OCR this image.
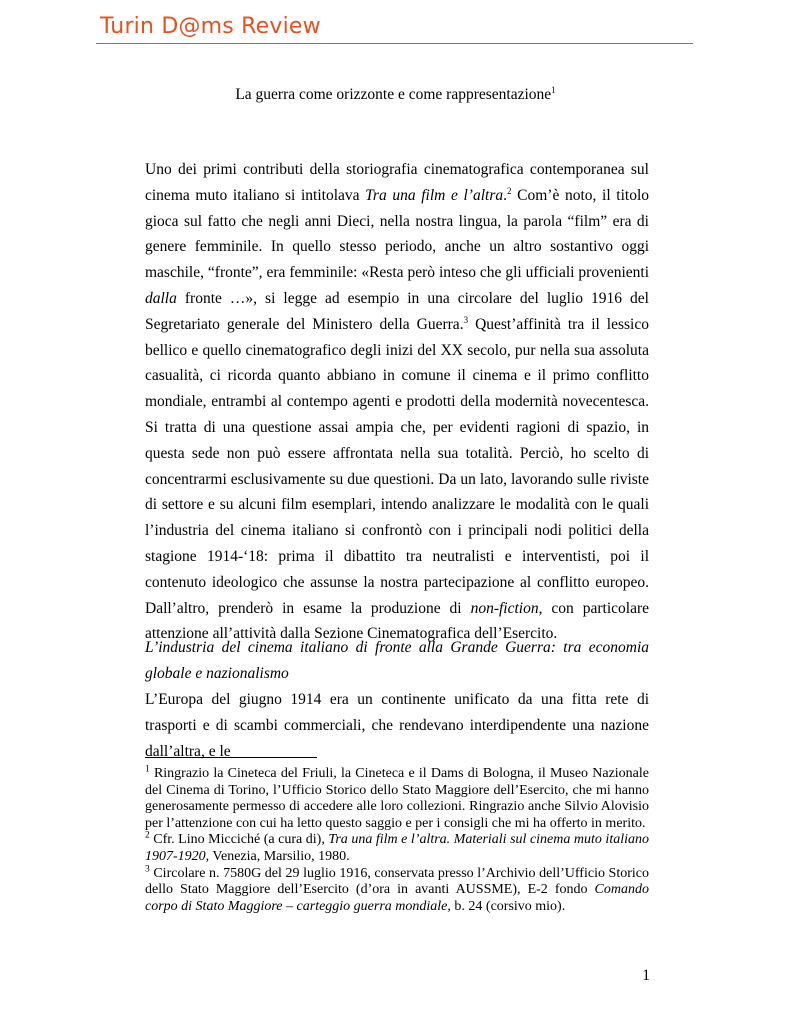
Turin D@ms Review
La guerra come orizzonte e come rappresentazione$^1$

Uno dei primi contributi della storiografia cinematografica contemporanea sul cinema muto italiano si intitolava Tra una film e l’altra.$^2$ Com’è noto, il titolo gioca sul fatto che negli anni Dieci, nella nostra lingua, la parola “film” era di genere femminile. In quello stesso periodo, anche un altro sostantivo oggi maschile, “fronte”, era femminile: «Resta però inteso che gli ufficiali provenienti dalla fronte …», si legge ad esempio in una circolare del luglio 1916 del Segretariato generale del Ministero della Guerra.$^3$ Quest’affinità tra il lessico bellico e quello cinematografico degli inizi del XX secolo, pur nella sua assoluta casualità, ci ricorda quanto abbiano in comune il cinema e il primo conflitto mondiale, entrambi al contempo agenti e prodotti della modernità novecentesca. Si tratta di una questione assai ampia che, per evidenti ragioni di spazio, in questa sede non può essere affrontata nella sua totalità. Perciò, ho scelto di concentrarmi esclusivamente su due questioni. Da un lato, lavorando sulle riviste di settore e su alcuni film esemplari, intendo analizzare le modalità con le quali l’industria del cinema italiano si confrontò con i principali nodi politici della stagione 1914-‘18: prima il dibattito tra neutralisti e interventisti, poi il contenuto ideologico che assunse la nostra partecipazione al conflitto europeo. Dall’altro, prenderò in esame la produzione di non-fiction, con particolare attenzione all’attività dalla Sezione Cinematografica dell’Esercito.

L’industria del cinema italiano di fronte alla Grande Guerra: tra economia globale e nazionalismo

L’Europa del giugno 1914 era un continente unificato da una fitta rete di trasporti e di scambi commerciali, che rendevano interdipendente una nazione dall’altra, e le

$^1$ Ringrazio la Cineteca del Friuli, la Cineteca e il Dams di Bologna, il Museo Nazionale del Cinema di Torino, l’Ufficio Storico dello Stato Maggiore dell’Esercito, che mi hanno generosamente permesso di accedere alle loro collezioni. Ringrazio anche Silvio Alovisio per l’attenzione con cui ha letto questo saggio e per i consigli che mi ha offerto in merito.

$^2$ Cfr. Lino Micciché (a cura di), Tra una film e l’altra. Materiali sul cinema muto italiano 1907-1920, Venezia, Marsilio, 1980.

$^3$ Circolare n. 7580G del 29 luglio 1916, conservata presso l’Archivio dell’Ufficio Storico dello Stato Maggiore dell’Esercito (d’ora in avanti AUSSME), E-2 fondo Comando corpo di Stato Maggiore – carteggio guerra mondiale, b. 24 (corsivo mio).

1
